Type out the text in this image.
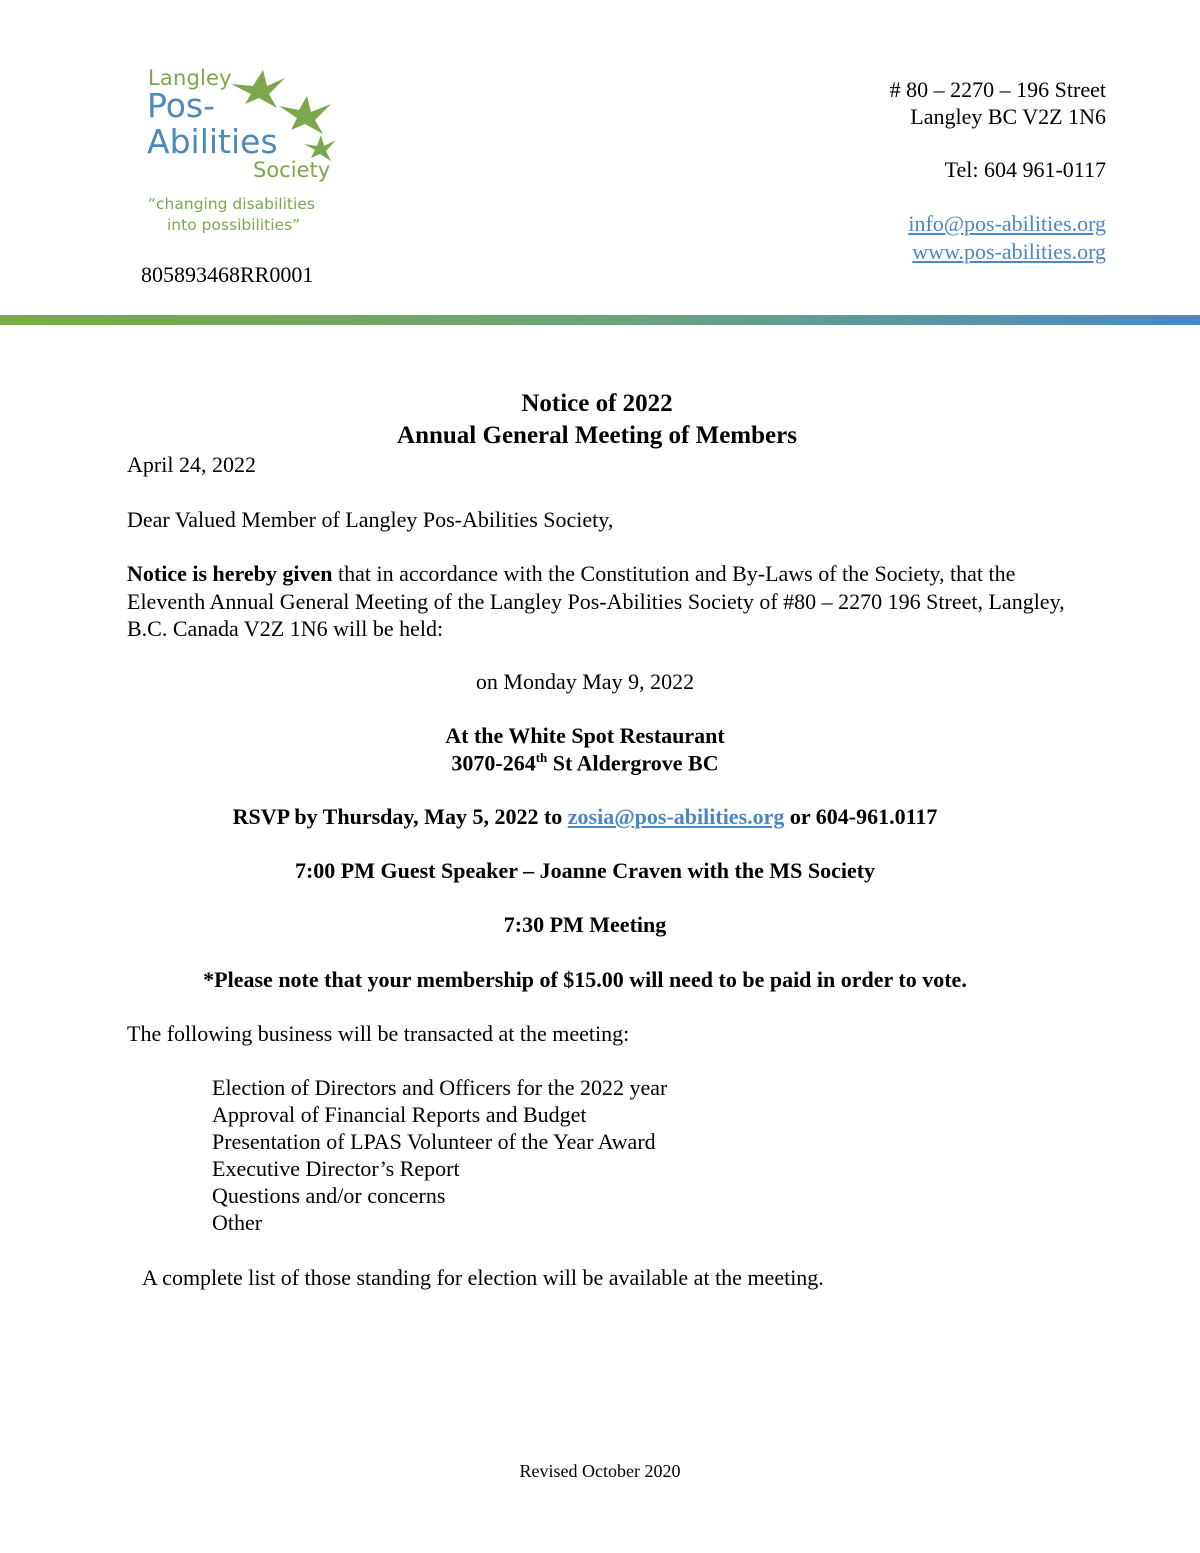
Langley
Pos-
Abilities
Society
“changing disabilities
into possibilities”
805893468RR0001
# 80 – 2270 – 196 Street
Langley BC V2Z 1N6
Tel: 604 961-0117
info@pos-abilities.org
www.pos-abilities.org
Notice of 2022
Annual General Meeting of Members
April 24, 2022
Dear Valued Member of Langley Pos-Abilities Society,
Notice is hereby given that in accordance with the Constitution and By-Laws of the Society, that the Eleventh Annual General Meeting of the Langley Pos-Abilities Society of #80 – 2270 196 Street, Langley, B.C. Canada V2Z 1N6 will be held:
on Monday May 9, 2022
At the White Spot Restaurant
3070-264th St Aldergrove BC
RSVP by Thursday, May 5, 2022 to zosia@pos-abilities.org or 604-961.0117
7:00 PM Guest Speaker – Joanne Craven with the MS Society
7:30 PM Meeting
*Please note that your membership of $15.00 will need to be paid in order to vote.
The following business will be transacted at the meeting:
Election of Directors and Officers for the 2022 year
Approval of Financial Reports and Budget
Presentation of LPAS Volunteer of the Year Award
Executive Director’s Report
Questions and/or concerns
Other
A complete list of those standing for election will be available at the meeting.
Revised October 2020
